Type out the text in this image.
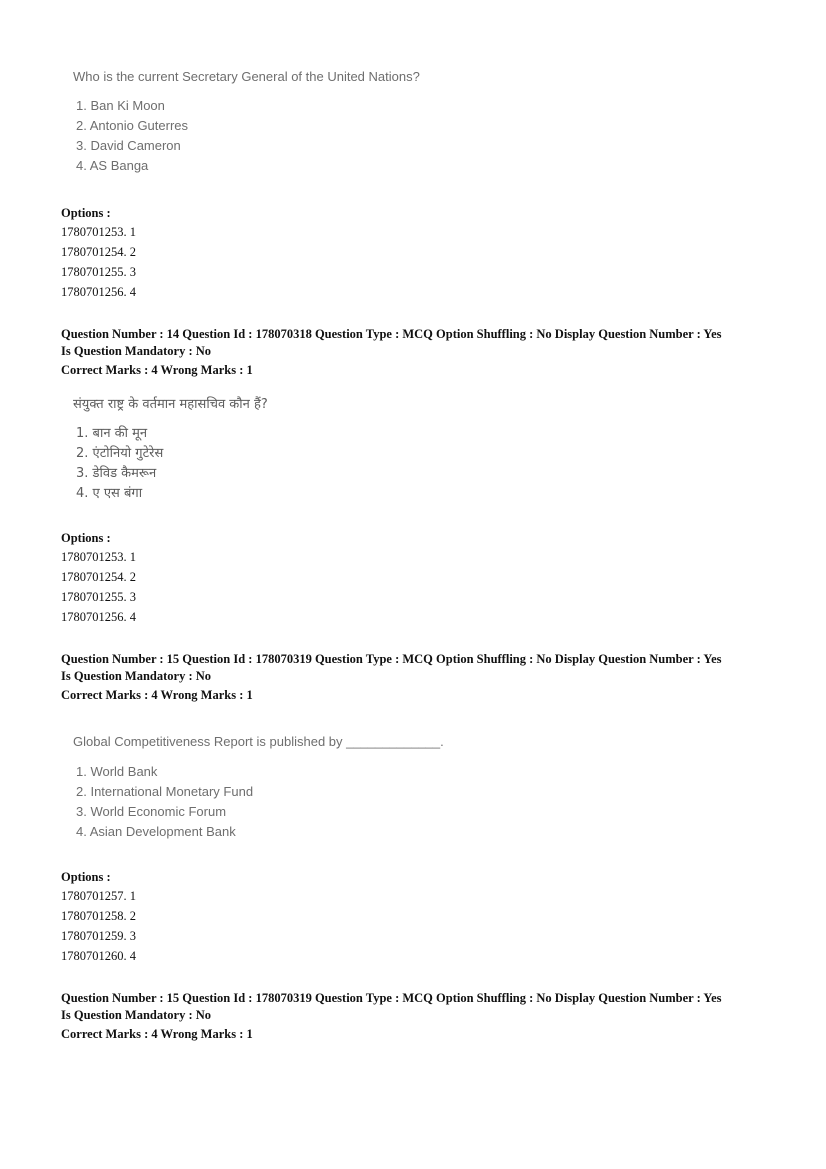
Who is the current Secretary General of the United Nations?

1. Ban Ki Moon
2. Antonio Guterres
3. David Cameron
4. AS Banga
Options :
1780701253. 1
1780701254. 2
1780701255. 3
1780701256. 4
Question Number : 14 Question Id : 178070318 Question Type : MCQ Option Shuffling : No Display Question Number : Yes
Is Question Mandatory : No
Correct Marks : 4 Wrong Marks : 1

संयुक्त राष्ट्र के वर्तमान महासचिव कौन हैं?

1. बान की मून
2. एंटोनियो गुटेरेस
3. डेविड कैमरून
4. ए एस बंगा
Options :
1780701253. 1
1780701254. 2
1780701255. 3
1780701256. 4
Question Number : 15 Question Id : 178070319 Question Type : MCQ Option Shuffling : No Display Question Number : Yes
Is Question Mandatory : No
Correct Marks : 4 Wrong Marks : 1

Global Competitiveness Report is published by _____________.

1. World Bank
2. International Monetary Fund
3. World Economic Forum
4. Asian Development Bank
Options :
1780701257. 1
1780701258. 2
1780701259. 3
1780701260. 4
Question Number : 15 Question Id : 178070319 Question Type : MCQ Option Shuffling : No Display Question Number : Yes
Is Question Mandatory : No
Correct Marks : 4 Wrong Marks : 1
